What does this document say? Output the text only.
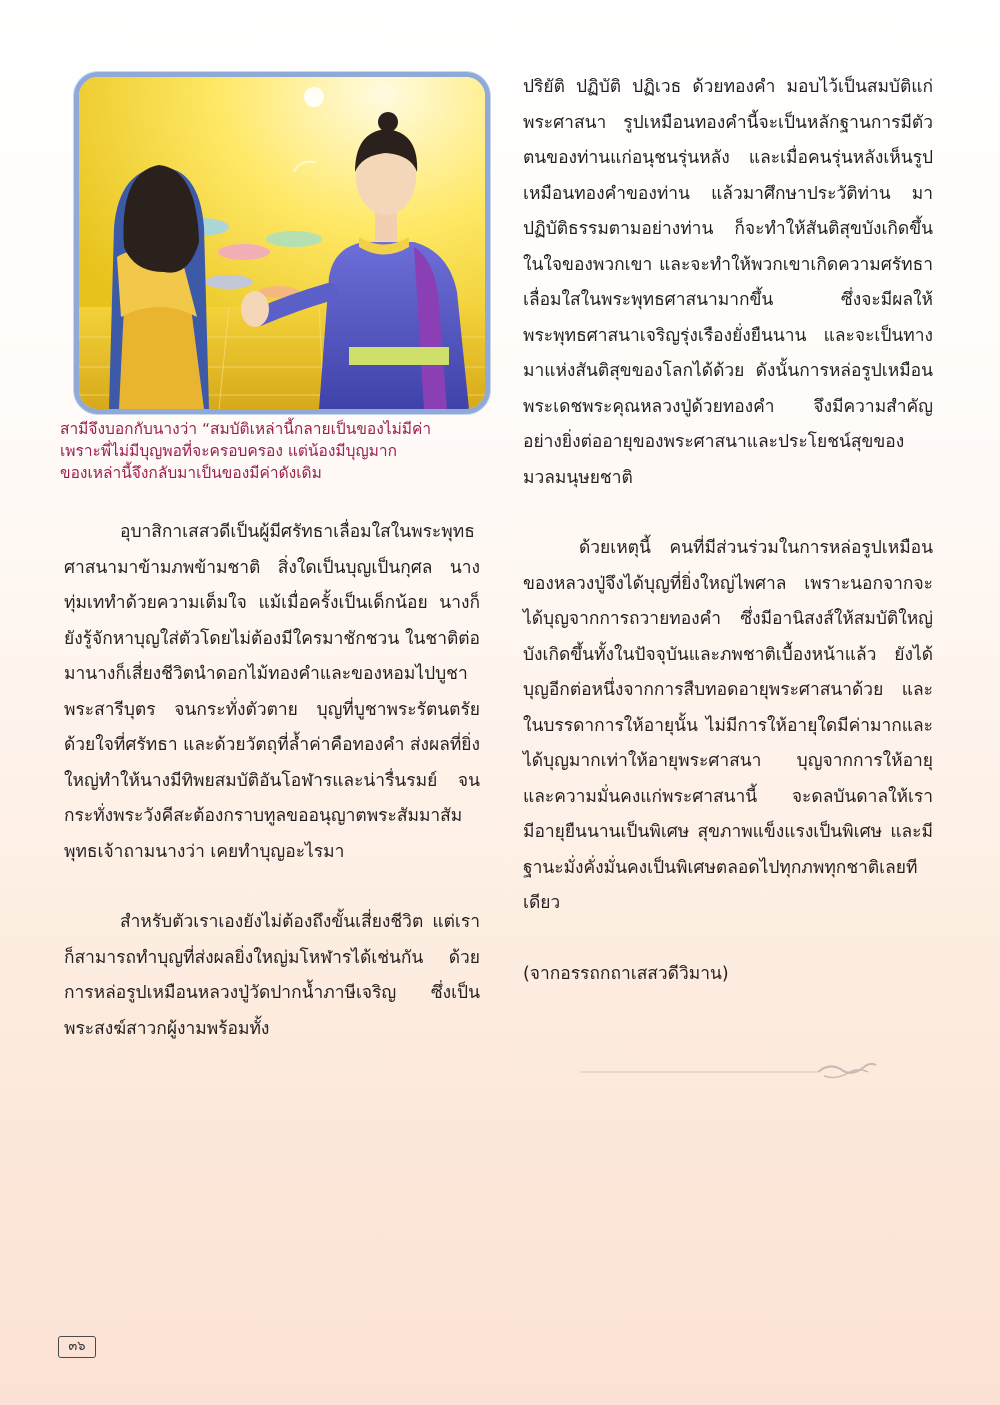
สามีจึงบอกกับนางว่า “สมบัติเหล่านี้กลายเป็นของไม่มีค่า
เพราะพี่ไม่มีบุญพอที่จะครอบครอง แต่น้องมีบุญมาก
ของเหล่านี้จึงกลับมาเป็นของมีค่าดังเดิม

อุบาสิกาเสสวดีเป็นผู้มีศรัทธาเลื่อมใสในพระพุทธศาสนามาข้ามภพข้ามชาติ สิ่งใดเป็นบุญเป็นกุศล นางทุ่มเททำด้วยความเต็มใจ แม้เมื่อครั้งเป็นเด็กน้อย นางก็ยังรู้จักหาบุญใส่ตัวโดยไม่ต้องมีใครมาชักชวน ในชาติต่อมานางก็เสี่ยงชีวิตนำดอกไม้ทองคำและของหอมไปบูชาพระสารีบุตร จนกระทั่งตัวตาย บุญที่บูชาพระรัตนตรัยด้วยใจที่ศรัทธา และด้วยวัตถุที่ล้ำค่าคือทองคำ ส่งผลที่ยิ่งใหญ่ทำให้นางมีทิพยสมบัติอันโอฬารและน่ารื่นรมย์ จนกระทั่งพระวังคีสะต้องกราบทูลขออนุญาตพระสัมมาสัมพุทธเจ้าถามนางว่า เคยทำบุญอะไรมา

สำหรับตัวเราเองยังไม่ต้องถึงขั้นเสี่ยงชีวิต แต่เราก็สามารถทำบุญที่ส่งผลยิ่งใหญ่มโหฬารได้เช่นกัน ด้วยการหล่อรูปเหมือนหลวงปู่วัดปากน้ำภาษีเจริญ ซึ่งเป็นพระสงฆ์สาวกผู้งามพร้อมทั้ง

ปริยัติ ปฏิบัติ ปฏิเวธ ด้วยทองคำ มอบไว้เป็นสมบัติแก่พระศาสนา รูปเหมือนทองคำนี้จะเป็นหลักฐานการมีตัวตนของท่านแก่อนุชนรุ่นหลัง และเมื่อคนรุ่นหลังเห็นรูปเหมือนทองคำของท่าน แล้วมาศึกษาประวัติท่าน มาปฏิบัติธรรมตามอย่างท่าน ก็จะทำให้สันติสุขบังเกิดขึ้นในใจของพวกเขา และจะทำให้พวกเขาเกิดความศรัทธาเลื่อมใสในพระพุทธศาสนามากขึ้น ซึ่งจะมีผลให้พระพุทธศาสนาเจริญรุ่งเรืองยั่งยืนนาน และจะเป็นทางมาแห่งสันติสุขของโลกได้ด้วย ดังนั้นการหล่อรูปเหมือนพระเดชพระคุณหลวงปู่ด้วยทองคำ จึงมีความสำคัญอย่างยิ่งต่ออายุของพระศาสนาและประโยชน์สุขของมวลมนุษยชาติ

ด้วยเหตุนี้ คนที่มีส่วนร่วมในการหล่อรูปเหมือนของหลวงปู่จึงได้บุญที่ยิ่งใหญ่ไพศาล เพราะนอกจากจะได้บุญจากการถวายทองคำ ซึ่งมีอานิสงส์ให้สมบัติใหญ่บังเกิดขึ้นทั้งในปัจจุบันและภพชาติเบื้องหน้าแล้ว ยังได้บุญอีกต่อหนึ่งจากการสืบทอดอายุพระศาสนาด้วย และในบรรดาการให้อายุนั้น ไม่มีการให้อายุใดมีค่ามากและได้บุญมากเท่าให้อายุพระศาสนา บุญจากการให้อายุและความมั่นคงแก่พระศาสนานี้ จะดลบันดาลให้เรามีอายุยืนนานเป็นพิเศษ สุขภาพแข็งแรงเป็นพิเศษ และมีฐานะมั่งคั่งมั่นคงเป็นพิเศษตลอดไปทุกภพทุกชาติเลยทีเดียว

(จากอรรถกถาเสสวดีวิมาน)

๓๖
